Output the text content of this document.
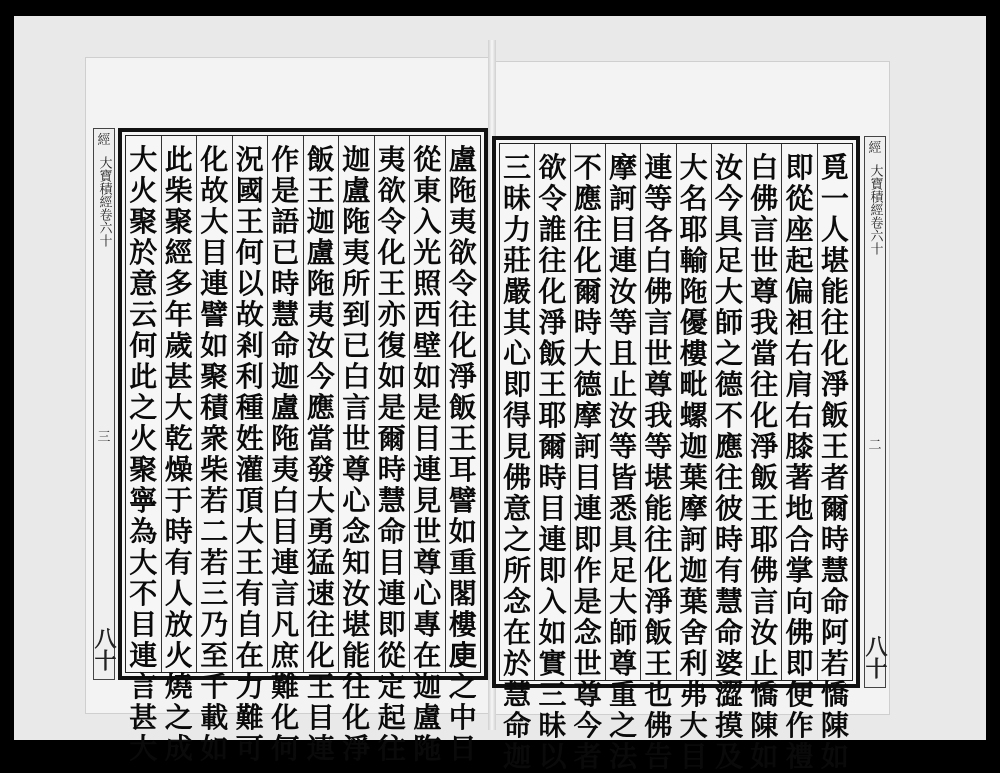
經
大寶積經卷六十
三
八十
經
大寶積經卷六十
二
八十
盧
陁
夷
欲
令
往
化
淨
飯
王
耳
譬
如
重
閣
樓
𢈔
之
中
日
從
東
入
光
照
西
壁
如
是
目
連
見
世
尊
心
專
在
迦
盧
陁
夷
欲
令
化
王
亦
復
如
是
爾
時
慧
命
目
連
即
從
定
起
往
迦
盧
陁
夷
所
到
已
白
言
世
尊
心
念
知
汝
堪
能
往
化
淨
飯
王
迦
盧
陁
夷
汝
今
應
當
發
大
勇
猛
速
往
化
王
目
連
作
是
語
已
時
慧
命
迦
盧
陁
夷
白
目
連
言
凡
庶
難
化
何
況
國
王
何
以
故
剎
利
種
姓
灌
頂
大
王
有
自
在
力
難
可
化
故
大
目
連
譬
如
聚
積
衆
柴
若
二
若
三
乃
至
千
載
如
此
柴
聚
經
多
年
歲
甚
大
乾
燥
于
時
有
人
放
火
燒
之
成
大
火
聚
於
意
云
何
此
之
火
聚
寧
為
大
不
目
連
言
甚
大
覓
一
人
堪
能
往
化
淨
飯
王
者
爾
時
慧
命
阿
若
憍
陳
如
即
從
座
起
偏
袒
右
肩
右
膝
著
地
合
掌
向
佛
即
便
作
禮
白
佛
言
世
尊
我
當
往
化
淨
飯
王
耶
佛
言
汝
止
憍
陳
如
汝
今
具
足
大
師
之
德
不
應
往
彼
時
有
慧
命
婆
澀
摸
及
大
名
耶
輸
陁
優
樓
毗
螺
迦
葉
摩
訶
迦
葉
舍
利
弗
大
目
連
等
各
白
佛
言
世
尊
我
等
堪
能
往
化
淨
飯
王
也
佛
告
摩
訶
目
連
汝
等
且
止
汝
等
皆
悉
具
足
大
師
尊
重
之
法
不
應
往
化
爾
時
大
德
摩
訶
目
連
即
作
是
念
世
尊
今
者
欲
令
誰
往
化
淨
飯
王
耶
爾
時
目
連
即
入
如
實
三
昧
以
三
昧
力
莊
嚴
其
心
即
得
見
佛
意
之
所
念
在
於
慧
命
迦
